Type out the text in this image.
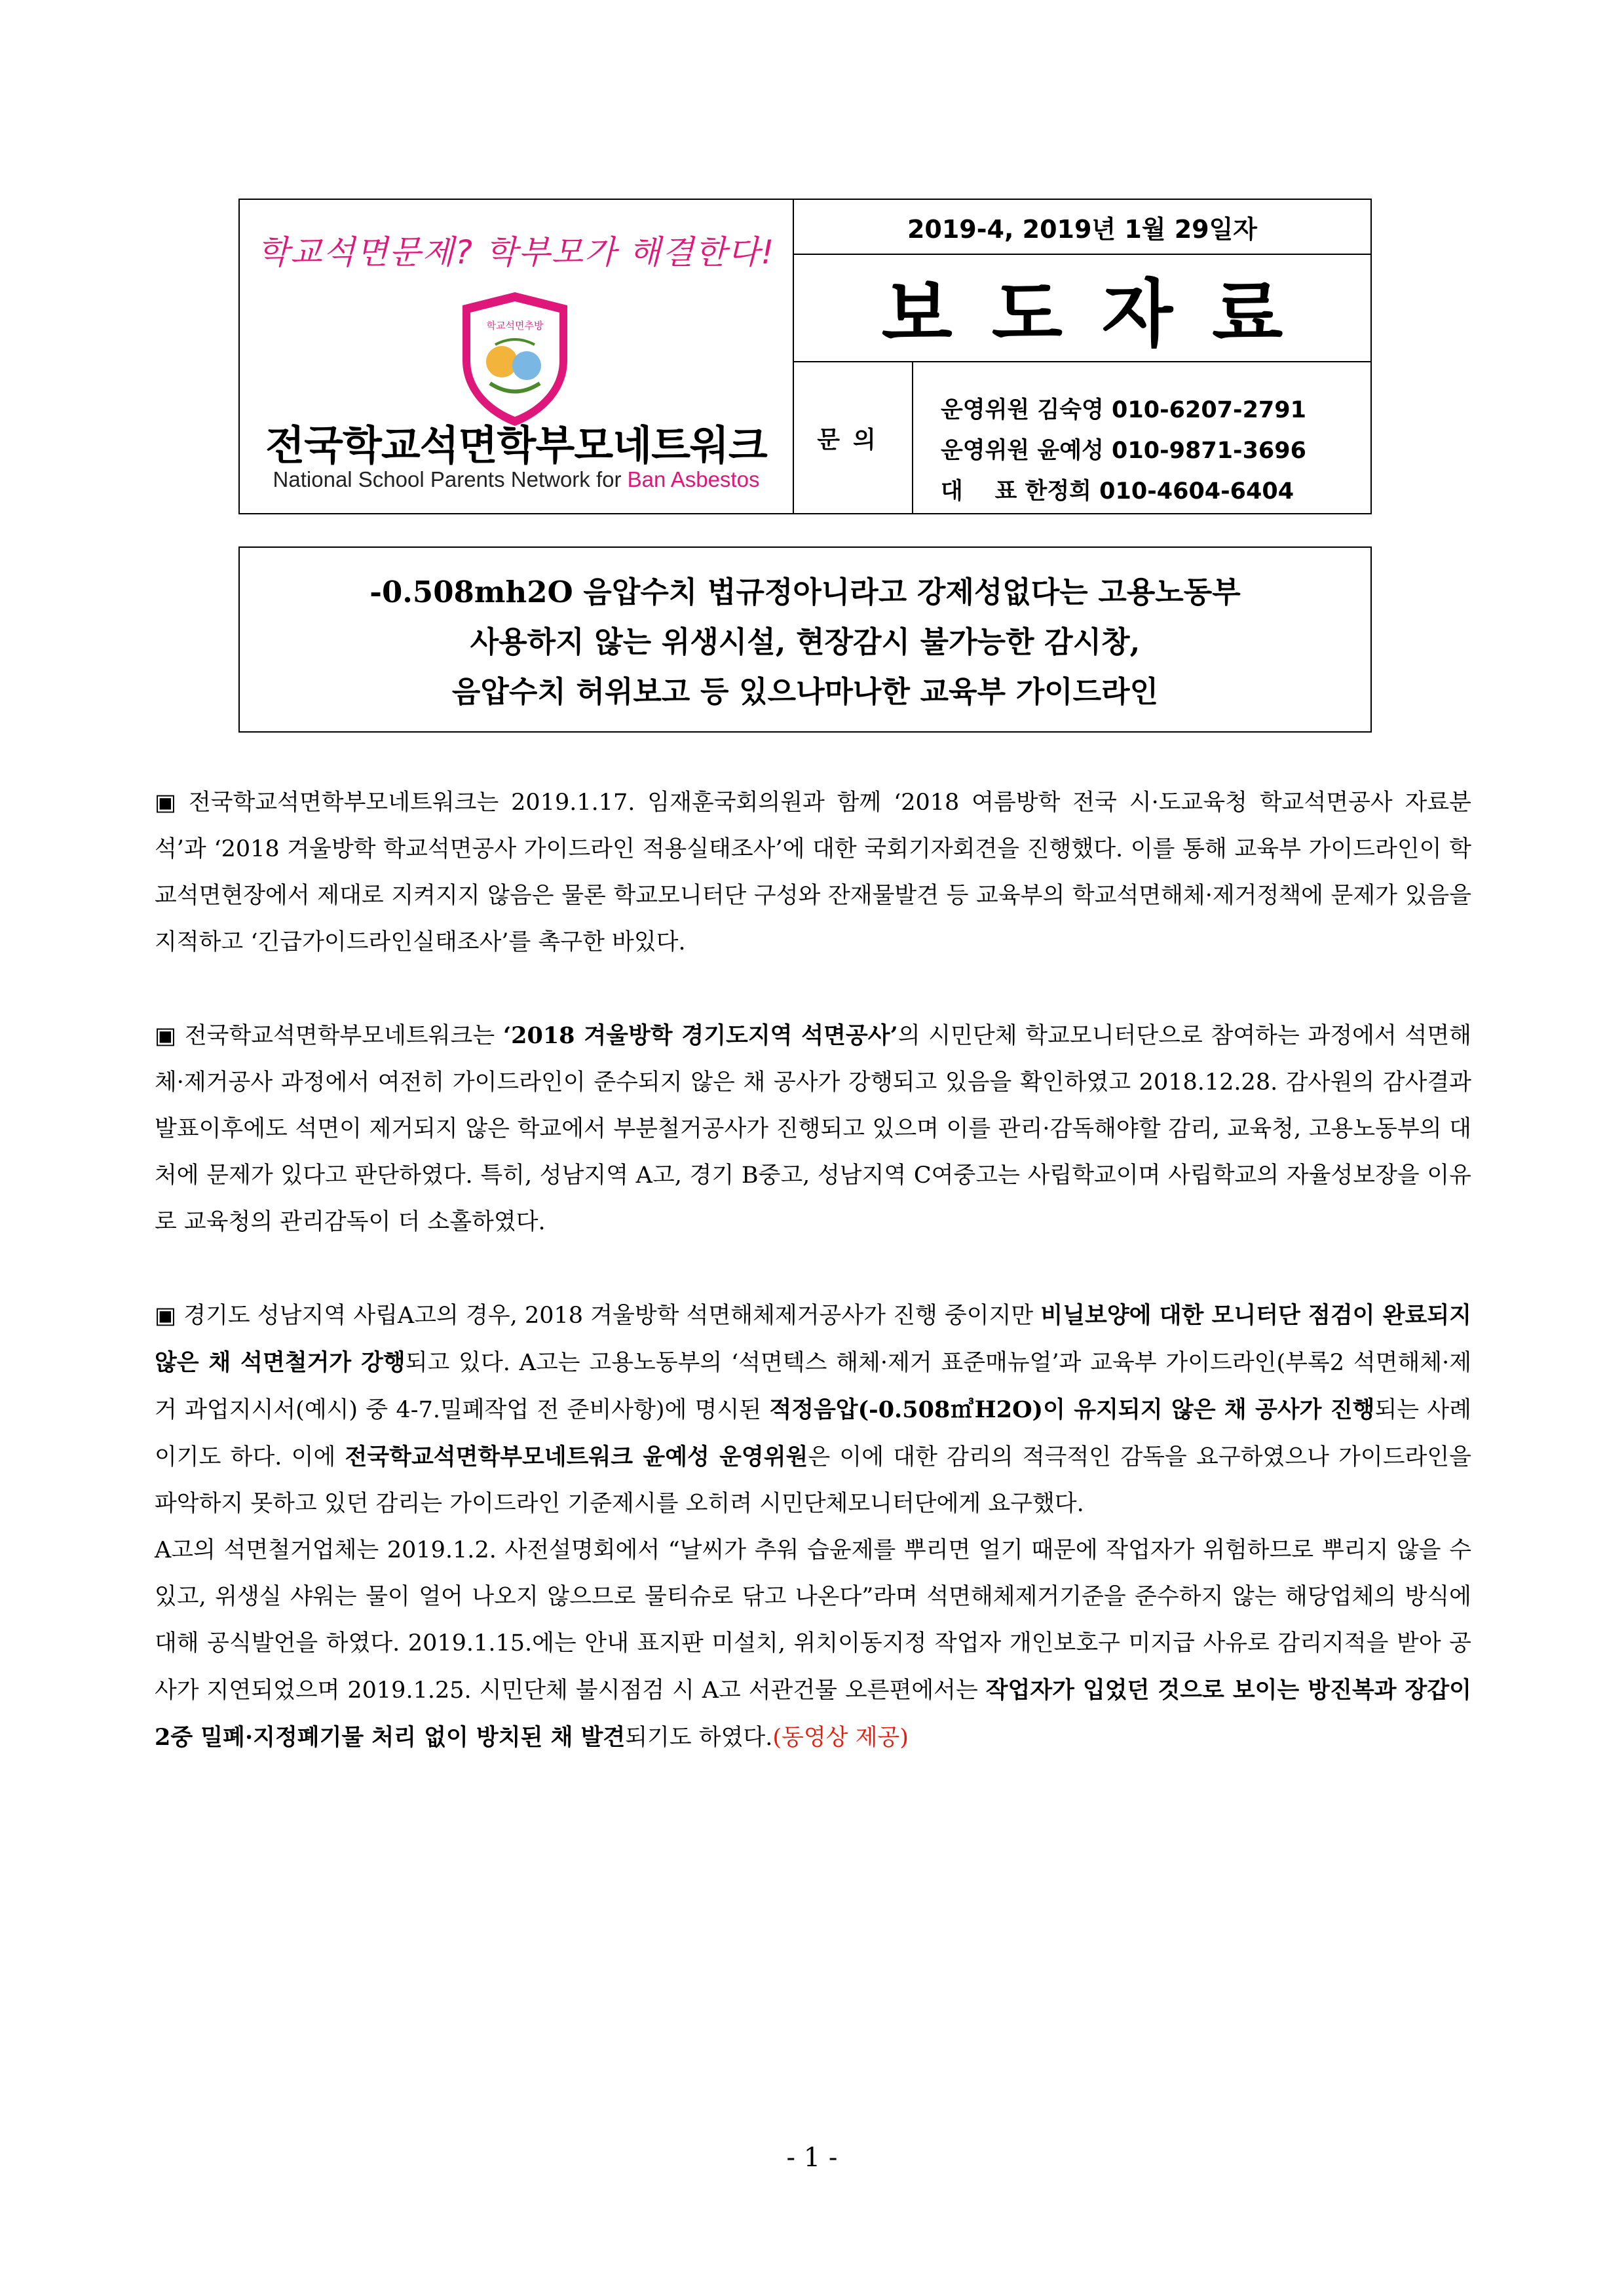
학교석면문제? 학부모가 해결한다!
학교석면추방
전국학교석면학부모네트워크
National School Parents Network for Ban Asbestos
2019-4, 2019년 1월 29일자
보도자료
문의
운영위원 김숙영 010-6207-2791
운영위원 윤예성 010-9871-3696
대    표 한정희 010-4604-6404
-0.508mh2O 음압수치 법규정아니라고 강제성없다는 고용노동부
사용하지 않는 위생시설, 현장감시 불가능한 감시창,
음압수치 허위보고 등 있으나마나한 교육부 가이드라인

▣ 전국학교석면학부모네트워크는 2019.1.17. 임재훈국회의원과 함께 ‘2018 여름방학 전국 시·도교육청 학교석면공사 자료분석’과 ‘2018 겨울방학 학교석면공사 가이드라인 적용실태조사’에 대한 국회기자회견을 진행했다. 이를 통해 교육부 가이드라인이 학교석면현장에서 제대로 지켜지지 않음은 물론 학교모니터단 구성와 잔재물발견 등 교육부의 학교석면해체·제거정책에 문제가 있음을 지적하고 ‘긴급가이드라인실태조사’를 촉구한 바있다.

▣ 전국학교석면학부모네트워크는 ‘2018 겨울방학 경기도지역 석면공사’의 시민단체 학교모니터단으로 참여하는 과정에서 석면해체·제거공사 과정에서 여전히 가이드라인이 준수되지 않은 채 공사가 강행되고 있음을 확인하였고 2018.12.28. 감사원의 감사결과발표이후에도 석면이 제거되지 않은 학교에서 부분철거공사가 진행되고 있으며 이를 관리·감독해야할 감리, 교육청, 고용노동부의 대처에 문제가 있다고 판단하였다. 특히, 성남지역 A고, 경기 B중고, 성남지역 C여중고는 사립학교이며 사립학교의 자율성보장을 이유로 교육청의 관리감독이 더 소홀하였다.

▣ 경기도 성남지역 사립A고의 경우, 2018 겨울방학 석면해체제거공사가 진행 중이지만 비닐보양에 대한 모니터단 점검이 완료되지 않은 채 석면철거가 강행되고 있다. A고는 고용노동부의 ‘석면텍스 해체·제거 표준매뉴얼’과 교육부 가이드라인(부록2 석면해체·제거 과업지시서(예시) 중 4-7.밀폐작업 전 준비사항)에 명시된 적정음압(-0.508㎥H2O)이 유지되지 않은 채 공사가 진행되는 사례이기도 하다. 이에 전국학교석면학부모네트워크 윤예성 운영위원은 이에 대한 감리의 적극적인 감독을 요구하였으나 가이드라인을 파악하지 못하고 있던 감리는 가이드라인 기준제시를 오히려 시민단체모니터단에게 요구했다.

A고의 석면철거업체는 2019.1.2. 사전설명회에서 “날씨가 추워 습윤제를 뿌리면 얼기 때문에 작업자가 위험하므로 뿌리지 않을 수 있고, 위생실 샤워는 물이 얼어 나오지 않으므로 물티슈로 닦고 나온다”라며 석면해체제거기준을 준수하지 않는 해당업체의 방식에 대해 공식발언을 하였다. 2019.1.15.에는 안내 표지판 미설치, 위치이동지정 작업자 개인보호구 미지급 사유로 감리지적을 받아 공사가 지연되었으며 2019.1.25. 시민단체 불시점검 시 A고 서관건물 오른편에서는 작업자가 입었던 것으로 보이는 방진복과 장갑이 2중 밀폐·지정폐기물 처리 없이 방치된 채 발견되기도 하였다.(동영상 제공)

- 1 -
